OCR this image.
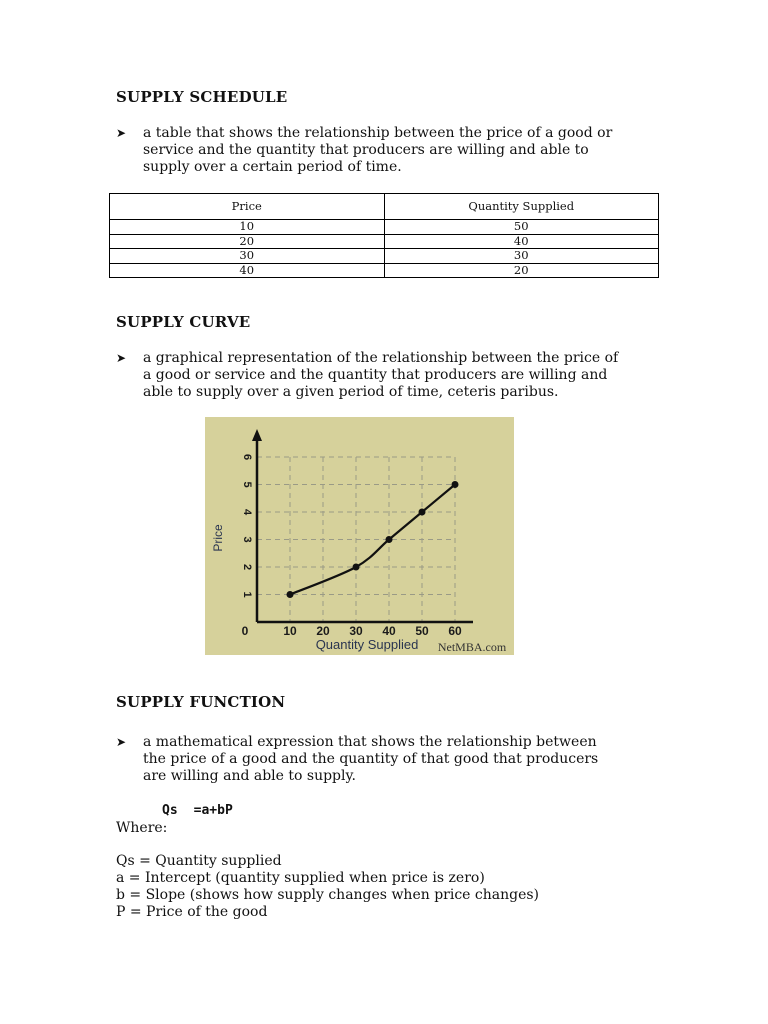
SUPPLY SCHEDULE
➤ a table that shows the relationship between the price of a good or
service and the quantity that producers are willing and able to
supply over a certain period of time.
Price	Quantity Supplied
10	50
20	40
30	30
40	20
SUPPLY CURVE
➤ a graphical representation of the relationship between the price of
a good or service and the quantity that producers are willing and
able to supply over a given period of time, ceteris paribus.
0	10 20 30 40 50 60
1
2
3
4
5
6
Quantity Supplied
Price
NetMBA.com
SUPPLY FUNCTION
➤ a mathematical expression that shows the relationship between
the price of a good and the quantity of that good that producers
are willing and able to supply.
Qs =a+bP
Where:
Qs = Quantity supplied
a = Intercept (quantity supplied when price is zero)
b = Slope (shows how supply changes when price changes)
P = Price of the good
